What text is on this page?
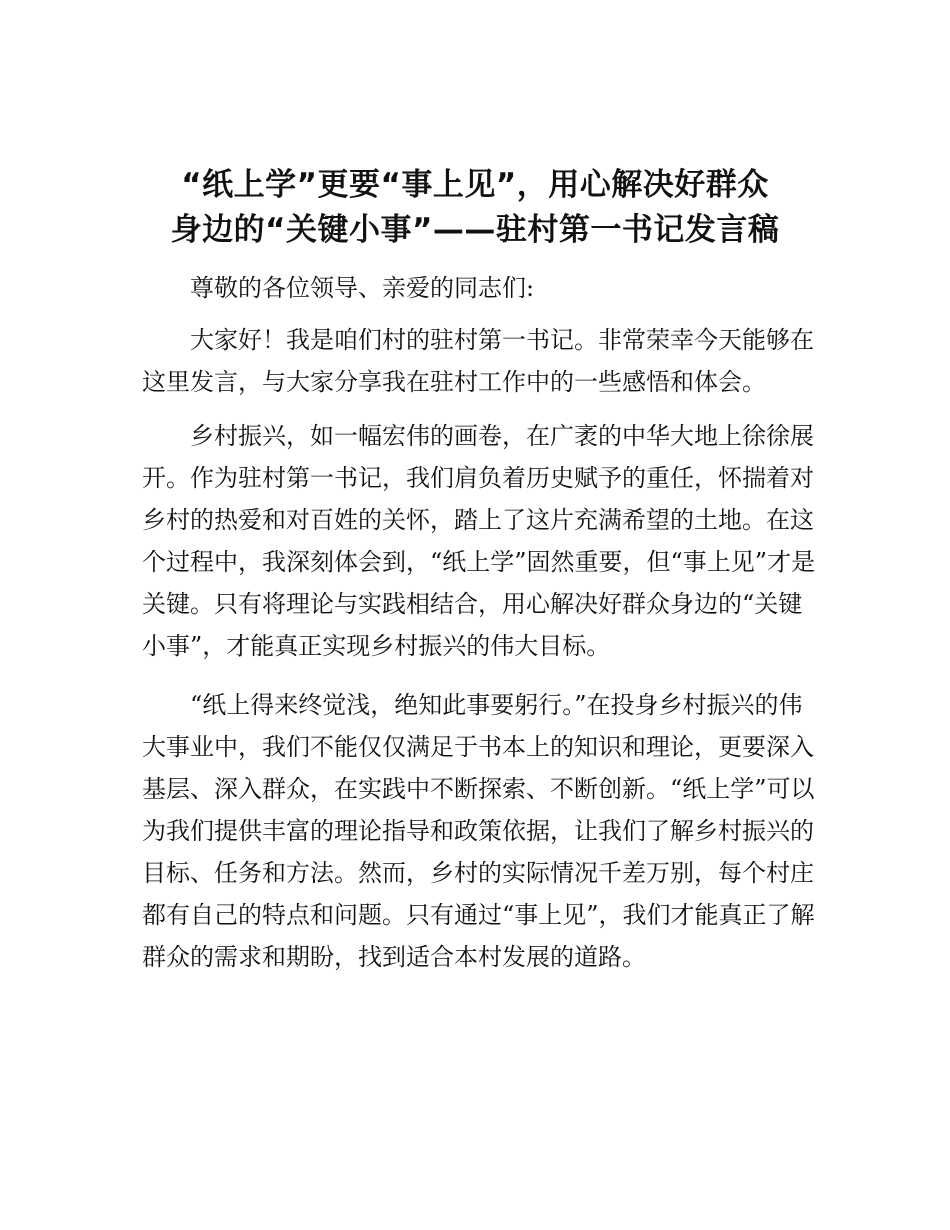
“纸上学”更要“事上见”，用心解决好群众
身边的“关键小事”——驻村第一书记发言稿

尊敬的各位领导、亲爱的同志们:

大家好！我是咱们村的驻村第一书记。非常荣幸今天能够在这里发言，与大家分享我在驻村工作中的一些感悟和体会。

乡村振兴，如一幅宏伟的画卷，在广袤的中华大地上徐徐展开。作为驻村第一书记，我们肩负着历史赋予的重任，怀揣着对乡村的热爱和对百姓的关怀，踏上了这片充满希望的土地。在这个过程中，我深刻体会到，“纸上学”固然重要，但“事上见”才是关键。只有将理论与实践相结合，用心解决好群众身边的“关键小事”，才能真正实现乡村振兴的伟大目标。

“纸上得来终觉浅，绝知此事要躬行。”在投身乡村振兴的伟大事业中，我们不能仅仅满足于书本上的知识和理论，更要深入基层、深入群众，在实践中不断探索、不断创新。“纸上学”可以为我们提供丰富的理论指导和政策依据，让我们了解乡村振兴的目标、任务和方法。然而，乡村的实际情况千差万别，每个村庄都有自己的特点和问题。只有通过“事上见”，我们才能真正了解群众的需求和期盼，找到适合本村发展的道路。
